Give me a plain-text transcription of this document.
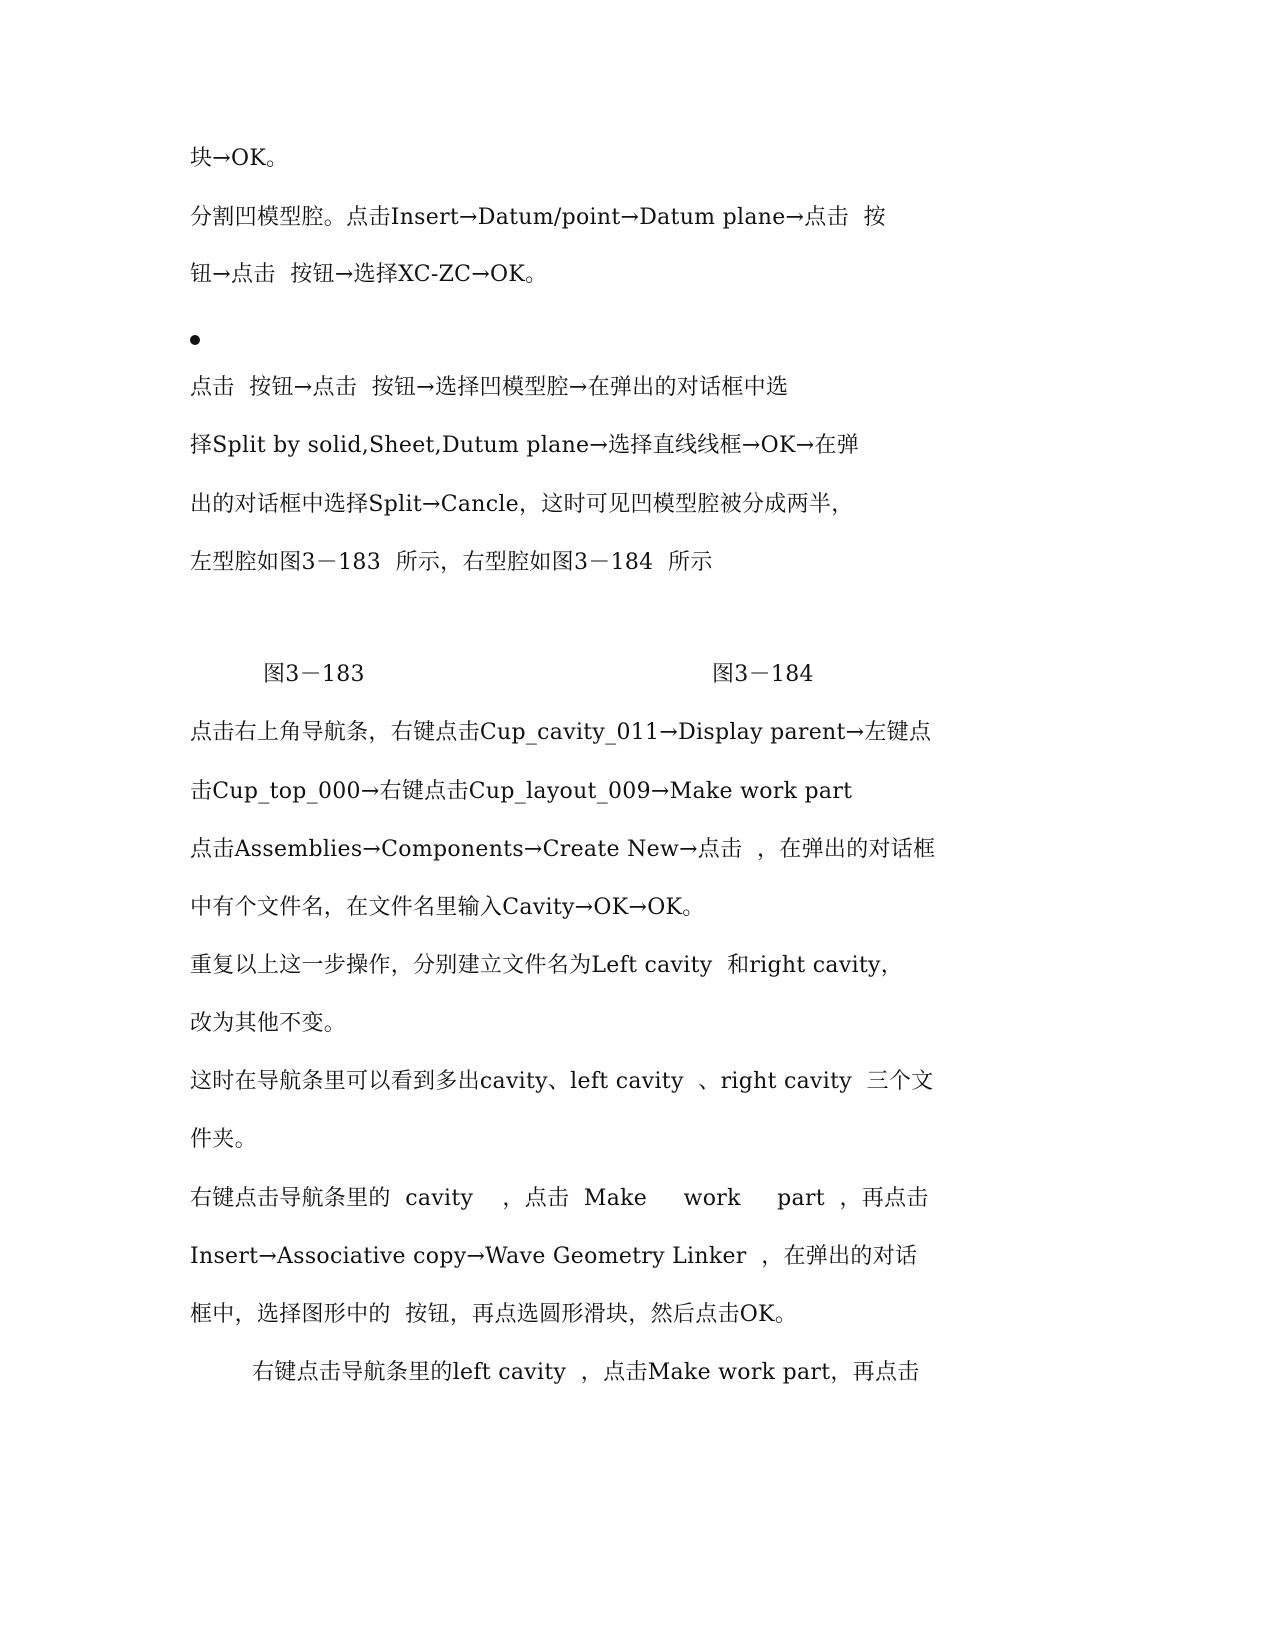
块→OK。
分割凹模型腔。点击Insert→Datum/point→Datum plane→点击  按
钮→点击  按钮→选择XC-ZC→OK。
点击  按钮→点击  按钮→选择凹模型腔→在弹出的对话框中选
择Split by solid,Sheet,Dutum plane→选择直线线框→OK→在弹
出的对话框中选择Split→Cancle，这时可见凹模型腔被分成两半，
左型腔如图3－183  所示，右型腔如图3－184  所示
图3－183	图3－184
点击右上角导航条，右键点击Cup_cavity_011→Display parent→左键点
击Cup_top_000→右键点击Cup_layout_009→Make work part
点击Assemblies→Components→Create New→点击  ，在弹出的对话框
中有个文件名，在文件名里输入Cavity→OK→OK。
重复以上这一步操作，分别建立文件名为Left cavity  和right cavity，
改为其他不变。
这时在导航条里可以看到多出cavity、left cavity  、right cavity  三个文
件夹。
右键点击导航条里的  cavity    ，点击  Make     work     part  ，再点击
Insert→Associative copy→Wave Geometry Linker  ，在弹出的对话
框中，选择图形中的  按钮，再点选圆形滑块，然后点击OK。
右键点击导航条里的left cavity  ，点击Make work part，再点击
